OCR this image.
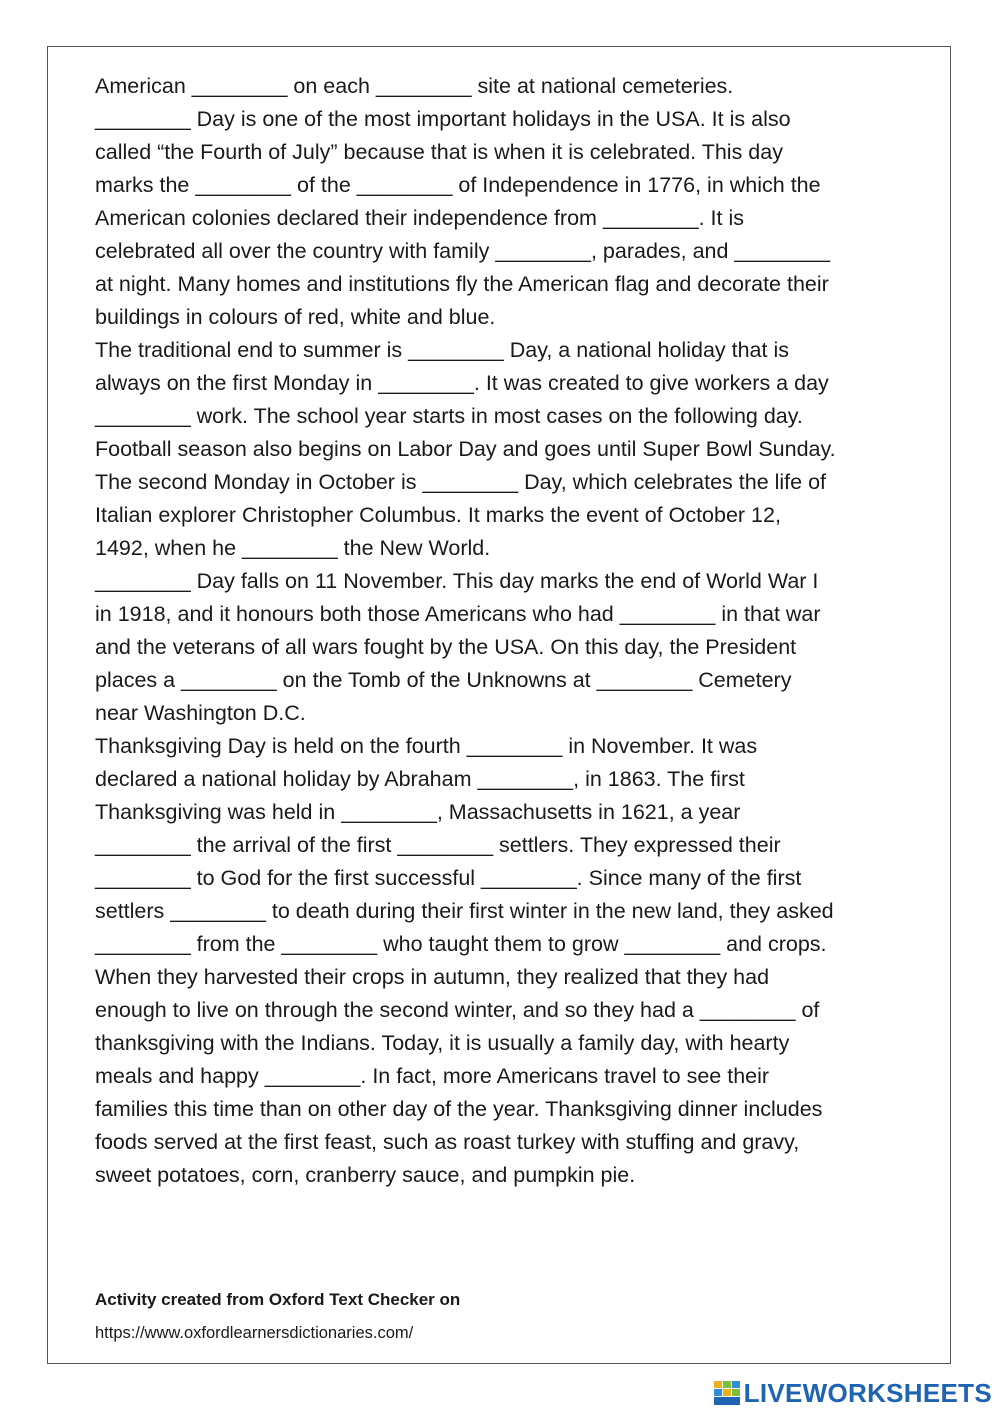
American ________ on each ________ site at national cemeteries.
________ Day is one of the most important holidays in the USA. It is also
called “the Fourth of July” because that is when it is celebrated. This day
marks the ________ of the ________ of Independence in 1776, in which the
American colonies declared their independence from ________. It is
celebrated all over the country with family ________, parades, and ________
at night. Many homes and institutions fly the American flag and decorate their
buildings in colours of red, white and blue.
The traditional end to summer is ________ Day, a national holiday that is
always on the first Monday in ________. It was created to give workers a day
________ work. The school year starts in most cases on the following day.
Football season also begins on Labor Day and goes until Super Bowl Sunday.
The second Monday in October is ________ Day, which celebrates the life of
Italian explorer Christopher Columbus. It marks the event of October 12,
1492, when he ________ the New World.
________ Day falls on 11 November. This day marks the end of World War I
in 1918, and it honours both those Americans who had ________ in that war
and the veterans of all wars fought by the USA. On this day, the President
places a ________ on the Tomb of the Unknowns at ________ Cemetery
near Washington D.C.
Thanksgiving Day is held on the fourth ________ in November. It was
declared a national holiday by Abraham ________, in 1863. The first
Thanksgiving was held in ________, Massachusetts in 1621, a year
________ the arrival of the first ________ settlers. They expressed their
________ to God for the first successful ________. Since many of the first
settlers ________ to death during their first winter in the new land, they asked
________ from the ________ who taught them to grow ________ and crops.
When they harvested their crops in autumn, they realized that they had
enough to live on through the second winter, and so they had a ________ of
thanksgiving with the Indians. Today, it is usually a family day, with hearty
meals and happy ________. In fact, more Americans travel to see their
families this time than on other day of the year. Thanksgiving dinner includes
foods served at the first feast, such as roast turkey with stuffing and gravy,
sweet potatoes, corn, cranberry sauce, and pumpkin pie.
Activity created from Oxford Text Checker on
https://www.oxfordlearnersdictionaries.com/
LIVEWORKSHEETS
